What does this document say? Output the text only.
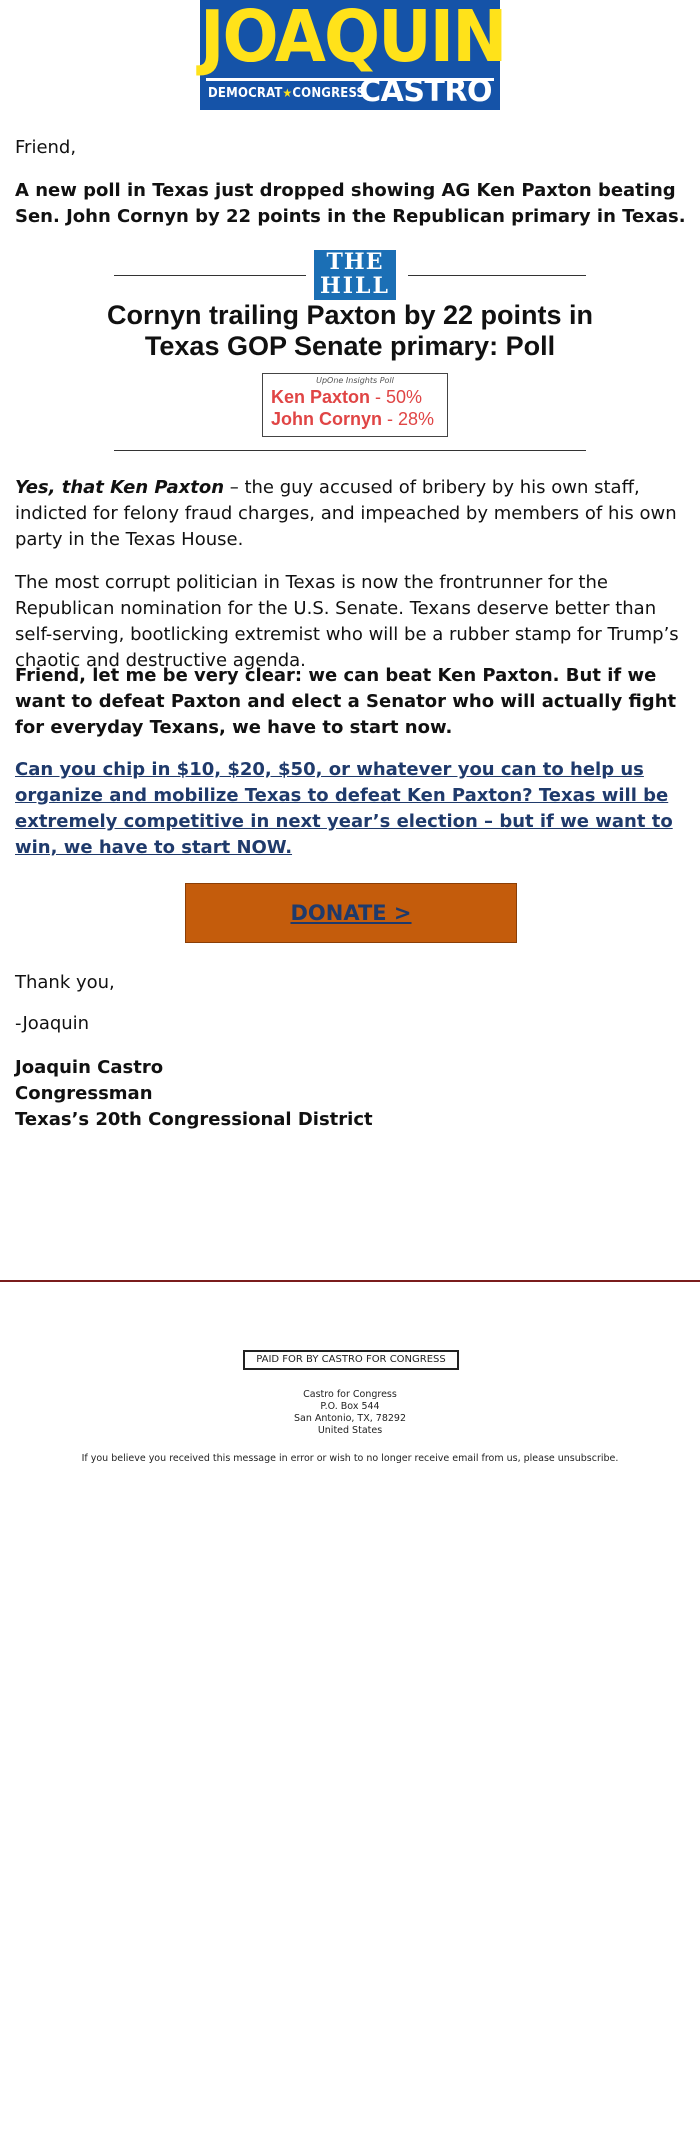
JOAQUIN
DEMOCRAT★CONGRESS
CASTRO
Friend,
A new poll in Texas just dropped showing AG Ken Paxton beating Sen. John Cornyn by 22 points in the Republican primary in Texas.
THE
HILL
Cornyn trailing Paxton by 22 points in Texas GOP Senate primary: Poll
UpOne Insights Poll
Ken Paxton - 50%
John Cornyn - 28%
Yes, that Ken Paxton – the guy accused of bribery by his own staff, indicted for felony fraud charges, and impeached by members of his own party in the Texas House.
The most corrupt politician in Texas is now the frontrunner for the Republican nomination for the U.S. Senate. Texans deserve better than self-serving, bootlicking extremist who will be a rubber stamp for Trump’s chaotic and destructive agenda.
Friend, let me be very clear: we can beat Ken Paxton. But if we want to defeat Paxton and elect a Senator who will actually fight for everyday Texans, we have to start now.
Can you chip in $10, $20, $50, or whatever you can to help us organize and mobilize Texas to defeat Ken Paxton? Texas will be extremely competitive in next year’s election – but if we want to win, we have to start NOW.
DONATE >
Thank you,
-Joaquin
Joaquin Castro
Congressman
Texas’s 20th Congressional District
PAID FOR BY CASTRO FOR CONGRESS
Castro for Congress
P.O. Box 544
San Antonio, TX, 78292
United States
If you believe you received this message in error or wish to no longer receive email from us, please unsubscribe.
